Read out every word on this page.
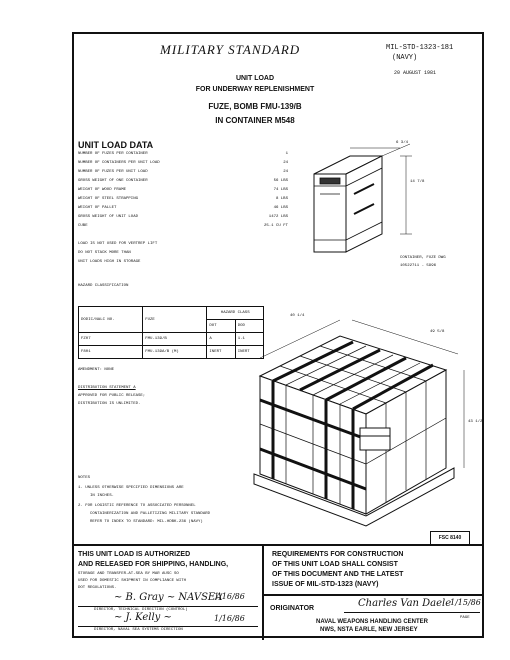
MILITARY STANDARD	MIL-STD-1323-181
(NAVY)
20 AUGUST 1981
UNIT LOAD
FOR UNDERWAY REPLENISHMENT
FUZE, BOMB FMU-139/B
IN CONTAINER M548
UNIT LOAD DATA
NUMBER OF FUZES PER CONTAINER	1
NUMBER OF CONTAINERS PER UNIT LOAD	24
NUMBER OF FUZES PER UNIT LOAD	24
GROSS WEIGHT OF ONE CONTAINER	56 LBS
WEIGHT OF WOOD FRAME	74 LBS
WEIGHT OF STEEL STRAPPING	8 LBS
WEIGHT OF PALLET	46 LBS
GROSS WEIGHT OF UNIT LOAD	1472 LBS
CUBE	25.1 CU FT
LOAD IS NOT USED FOR VERTREP LIFT
DO NOT STACK MORE THAN
UNIT LOADS HIGH IN STORAGE
HAZARD CLASSIFICATION
DODIC/NALC NO.	FUZE	HAZARD CLASS	
		DOT	DOD
FZ07	FMU-139/B	A	1.1
F801	FMU-139A/B (M)	INERT	INERT
AMENDMENT: NONE
DISTRIBUTION STATEMENT A
APPROVED FOR PUBLIC RELEASE;
DISTRIBUTION IS UNLIMITED.
6 3/4
14 7/8
CONTAINER, FUZE DWG
10522711 - 5996
40 1/4
49 5/8
43 1/2
NOTES
1. UNLESS OTHERWISE SPECIFIED DIMENSIONS ARE
IN INCHES.
2. FOR LOGISTIC REFERENCE TO ASSOCIATED PERSONNEL
CONTAINERIZATION AND PALLETIZING MILITARY STANDARD
REFER TO INDEX TO STANDARD: MIL-HDBK-236 (NAVY)
FSC 8140
THIS UNIT LOAD IS AUTHORIZED
AND RELEASED FOR SHIPPING, HANDLING,
STORAGE AND TRANSFER-AT-SEA BY MAR AUSC SO
USED FOR DOMESTIC SHIPMENT IN COMPLIANCE WITH
DOT REGULATIONS.
~ B. Gray ~ NAVSEA
1/16/86
DIRECTOR, TECHNICAL DIRECTION (CONTROL)
~ J. Kelly ~	1/16/86
DIRECTOR, NAVAL SEA SYSTEMS DIRECTION
REQUIREMENTS FOR CONSTRUCTION
OF THIS UNIT LOAD SHALL CONSIST
OF THIS DOCUMENT AND THE LATEST
ISSUE OF MIL-STD-1323 (NAVY)
ORIGINATOR	Charles Van Daele
1/15/86
NAVAL WEAPONS HANDLING CENTER
NWS, NSTA EARLE, NEW JERSEY
PAGE
